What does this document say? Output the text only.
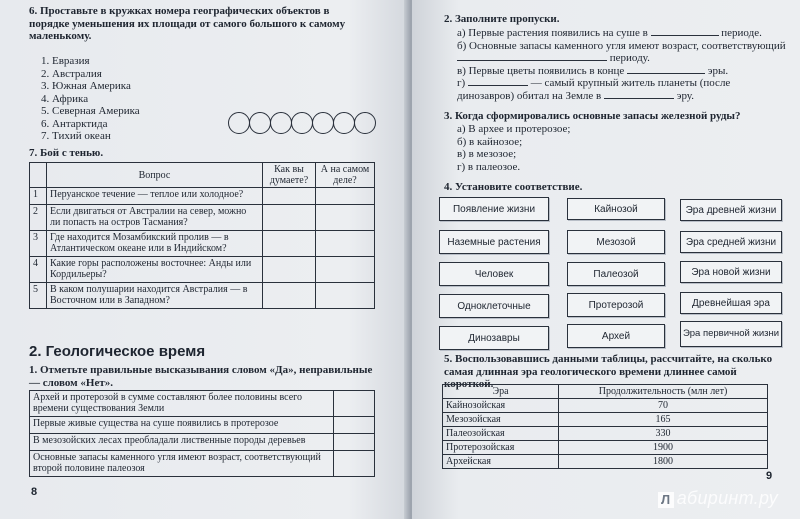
6. Проставьте в кружках номера географических объектов в порядке уменьшения их площади от самого большого к самому маленькому.
1. Евразия
2. Австралия
3. Южная Америка
4. Африка
5. Северная Америка
6. Антарктида
7. Тихий океан
7. Бой с тенью.
	Вопрос	Как вы думаете?	А на самом деле?
1	Перуанское течение — теплое или холодное?		
2	Если двигаться от Австралии на север, можно ли попасть на остров Тасмания?		
3	Где находится Мозамбикский пролив — в Атлантическом океане или в Индийском?		
4	Какие горы расположены восточнее: Анды или Кордильеры?		
5	В каком полушарии находится Австралия — в Восточном или в Западном?		
2. Геологическое время
1. Отметьте правильные высказывания словом «Да», неправильные — словом «Нет».
Архей и протерозой в сумме составляют более половины всего времени существования Земли	
Первые живые существа на суше появились в протерозое	
В мезозойских лесах преобладали лиственные породы деревьев	
Основные запасы каменного угля имеют возраст, соответствующий второй половине палеозоя	
8
2. Заполните пропуски.
а) Первые растения появились на суше в	периоде.
б) Основные запасы каменного угля имеют возраст, соответствующий
периоду.
в) Первые цветы появились в конце	эры.
г)	— самый крупный житель планеты (после динозавров) обитал на Земле в	эру.
3. Когда сформировались основные запасы железной руды?
а) В архее и протерозое;
б) в кайнозое;
в) в мезозое;
г) в палеозое.
4. Установите соответствие.
Появление жизни
Наземные растения
Человек
Одноклеточные
Динозавры
Кайнозой
Мезозой
Палеозой
Протерозой
Архей
Эра древней жизни
Эра средней жизни
Эра новой жизни
Древнейшая эра
Эра первичной жизни
5. Воспользовавшись данными таблицы, рассчитайте, на сколько самая длинная эра геологического времени длиннее самой короткой.
Эра	Продолжительность (млн лет)
Кайнозойская	70
Мезозойская	165
Палеозойская	330
Протерозойская	1900
Архейская	1800
9
Л абиринт.ру
